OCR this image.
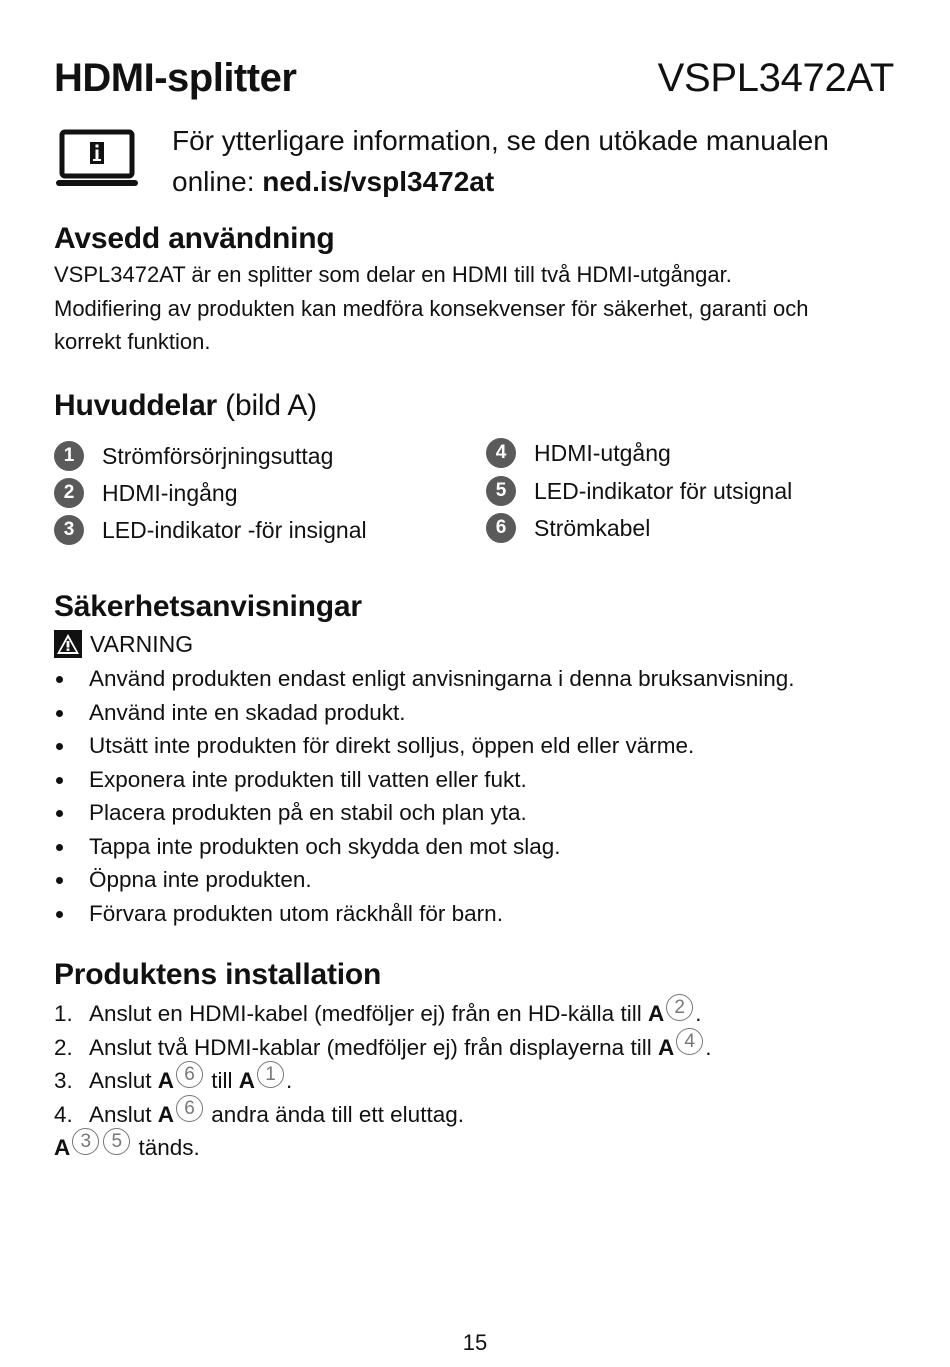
HDMI-splitter	VSPL3472AT
För ytterligare information, se den utökade manualen
online: ned.is/vspl3472at
Avsedd användning
VSPL3472AT är en splitter som delar en HDMI till två HDMI-utgångar.
Modifiering av produkten kan medföra konsekvenser för säkerhet, garanti och
korrekt funktion.
Huvuddelar (bild A)
1	Strömförsörjningsuttag
2	HDMI-ingång
3	LED-indikator -för insignal
4	HDMI-utgång
5	LED-indikator för utsignal
6	Strömkabel
Säkerhetsanvisningar
VARNING
Använd produkten endast enligt anvisningarna i denna bruksanvisning.
Använd inte en skadad produkt.
Utsätt inte produkten för direkt solljus, öppen eld eller värme.
Exponera inte produkten till vatten eller fukt.
Placera produkten på en stabil och plan yta.
Tappa inte produkten och skydda den mot slag.
Öppna inte produkten.
Förvara produkten utom räckhåll för barn.
Produktens installation
1. Anslut en HDMI-kabel (medföljer ej) från en HD-källa till A 2 .
2. Anslut två HDMI-kablar (medföljer ej) från displayerna till A 4 .
3. Anslut A 6 till A 1 .
4. Anslut A 6 andra ända till ett eluttag.
A 3	5 tänds.
15
